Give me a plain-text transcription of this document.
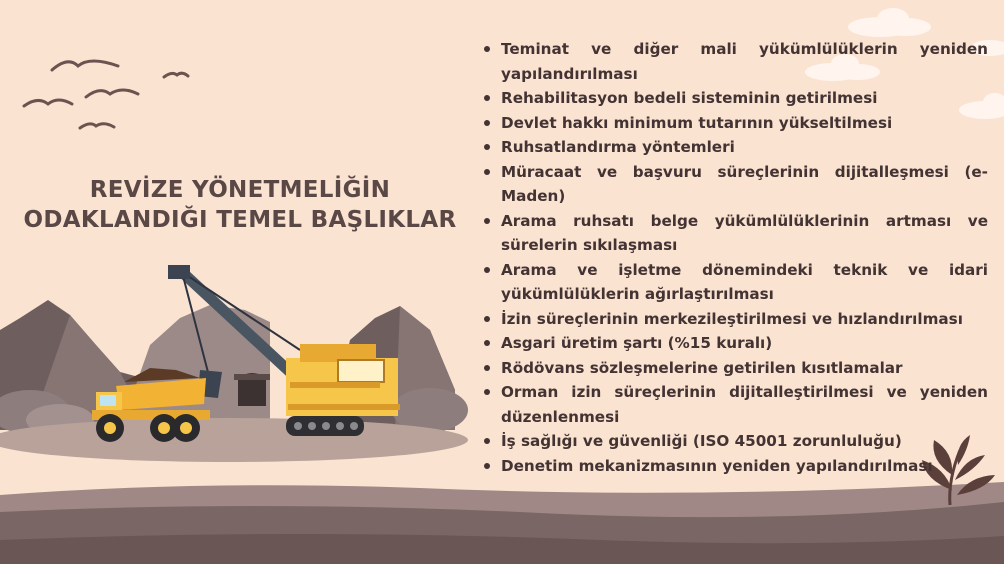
REVİZE YÖNETMELİĞİN
ODAKLANDIĞI TEMEL BAŞLIKLAR
Teminat ve diğer mali yükümlülüklerin yeniden yapılandırılması
Rehabilitasyon bedeli sisteminin getirilmesi
Devlet hakkı minimum tutarının yükseltilmesi
Ruhsatlandırma yöntemleri
Müracaat ve başvuru süreçlerinin dijitalleşmesi (e-Maden)
Arama ruhsatı belge yükümlülüklerinin artması ve sürelerin sıkılaşması
Arama ve işletme dönemindeki teknik ve idari yükümlülüklerin ağırlaştırılması
İzin süreçlerinin merkezileştirilmesi ve hızlandırılması
Asgari üretim şartı (%15 kuralı)
Rödövans sözleşmelerine getirilen kısıtlamalar
Orman izin süreçlerinin dijitalleştirilmesi ve yeniden düzenlenmesi
İş sağlığı ve güvenliği (ISO 45001 zorunluluğu)
Denetim mekanizmasının yeniden yapılandırılması
